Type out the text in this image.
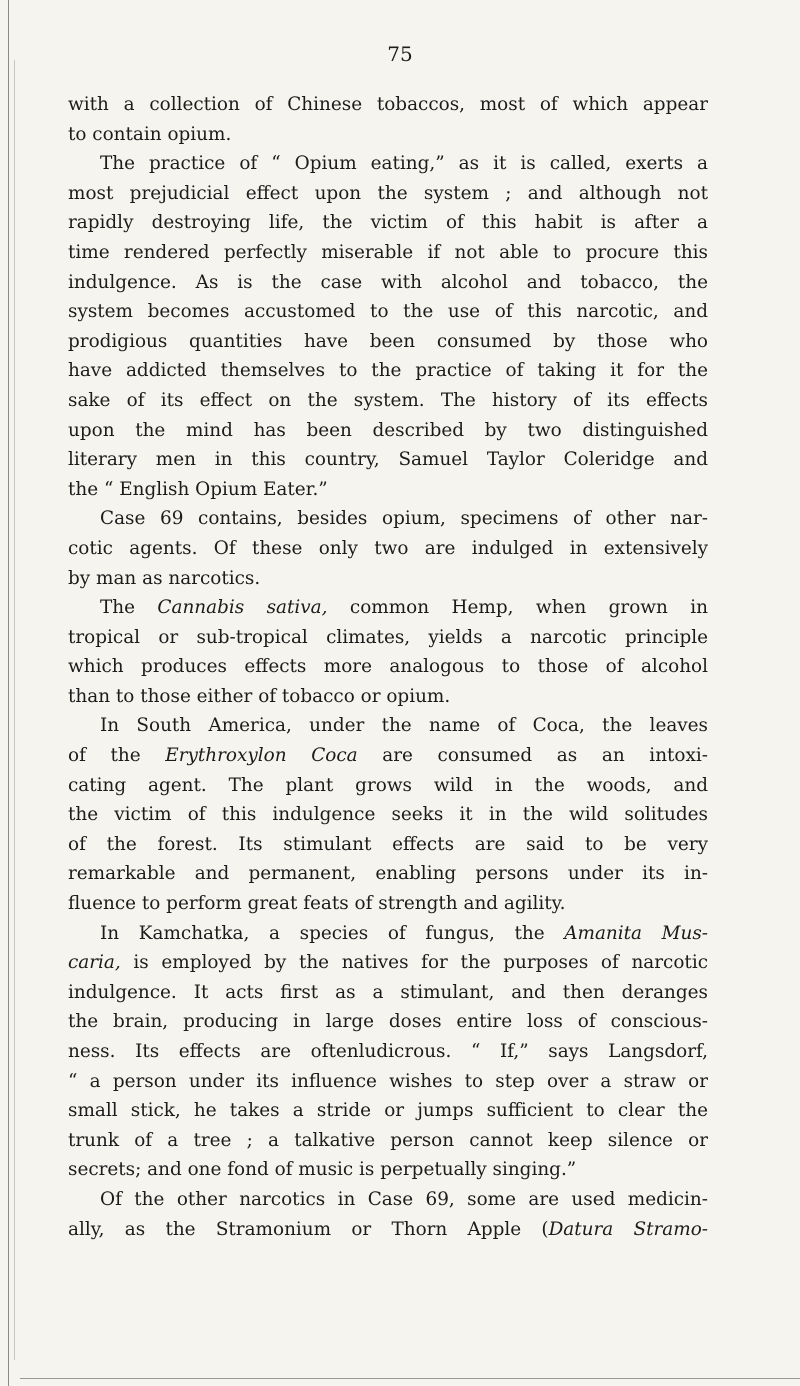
75
with a collection of Chinese tobaccos, most of which appear
to contain opium.
The practice of “ Opium eating,” as it is called, exerts a
most prejudicial effect upon the system ; and although not
rapidly destroying life, the victim of this habit is after a
time rendered perfectly miserable if not able to procure this
indulgence. As is the case with alcohol and tobacco, the
system becomes accustomed to the use of this narcotic, and
prodigious quantities have been consumed by those who
have addicted themselves to the practice of taking it for the
sake of its effect on the system. The history of its effects
upon the mind has been described by two distinguished
literary men in this country, Samuel Taylor Coleridge and
the “ English Opium Eater.”
Case 69 contains, besides opium, specimens of other nar-
cotic agents. Of these only two are indulged in extensively
by man as narcotics.
The Cannabis sativa, common Hemp, when grown in
tropical or sub-tropical climates, yields a narcotic principle
which produces effects more analogous to those of alcohol
than to those either of tobacco or opium.
In South America, under the name of Coca, the leaves
of the Erythroxylon Coca are consumed as an intoxi-
cating agent. The plant grows wild in the woods, and
the victim of this indulgence seeks it in the wild solitudes
of the forest. Its stimulant effects are said to be very
remarkable and permanent, enabling persons under its in-
fluence to perform great feats of strength and agility.
In Kamchatka, a species of fungus, the Amanita Mus-
caria, is employed by the natives for the purposes of narcotic
indulgence. It acts first as a stimulant, and then deranges
the brain, producing in large doses entire loss of conscious-
ness. Its effects are oftenludicrous. “ If,” says Langsdorf,
“ a person under its influence wishes to step over a straw or
small stick, he takes a stride or jumps sufficient to clear the
trunk of a tree ; a talkative person cannot keep silence or
secrets; and one fond of music is perpetually singing.”
Of the other narcotics in Case 69, some are used medicin-
ally, as the Stramonium or Thorn Apple (Datura Stramo-
